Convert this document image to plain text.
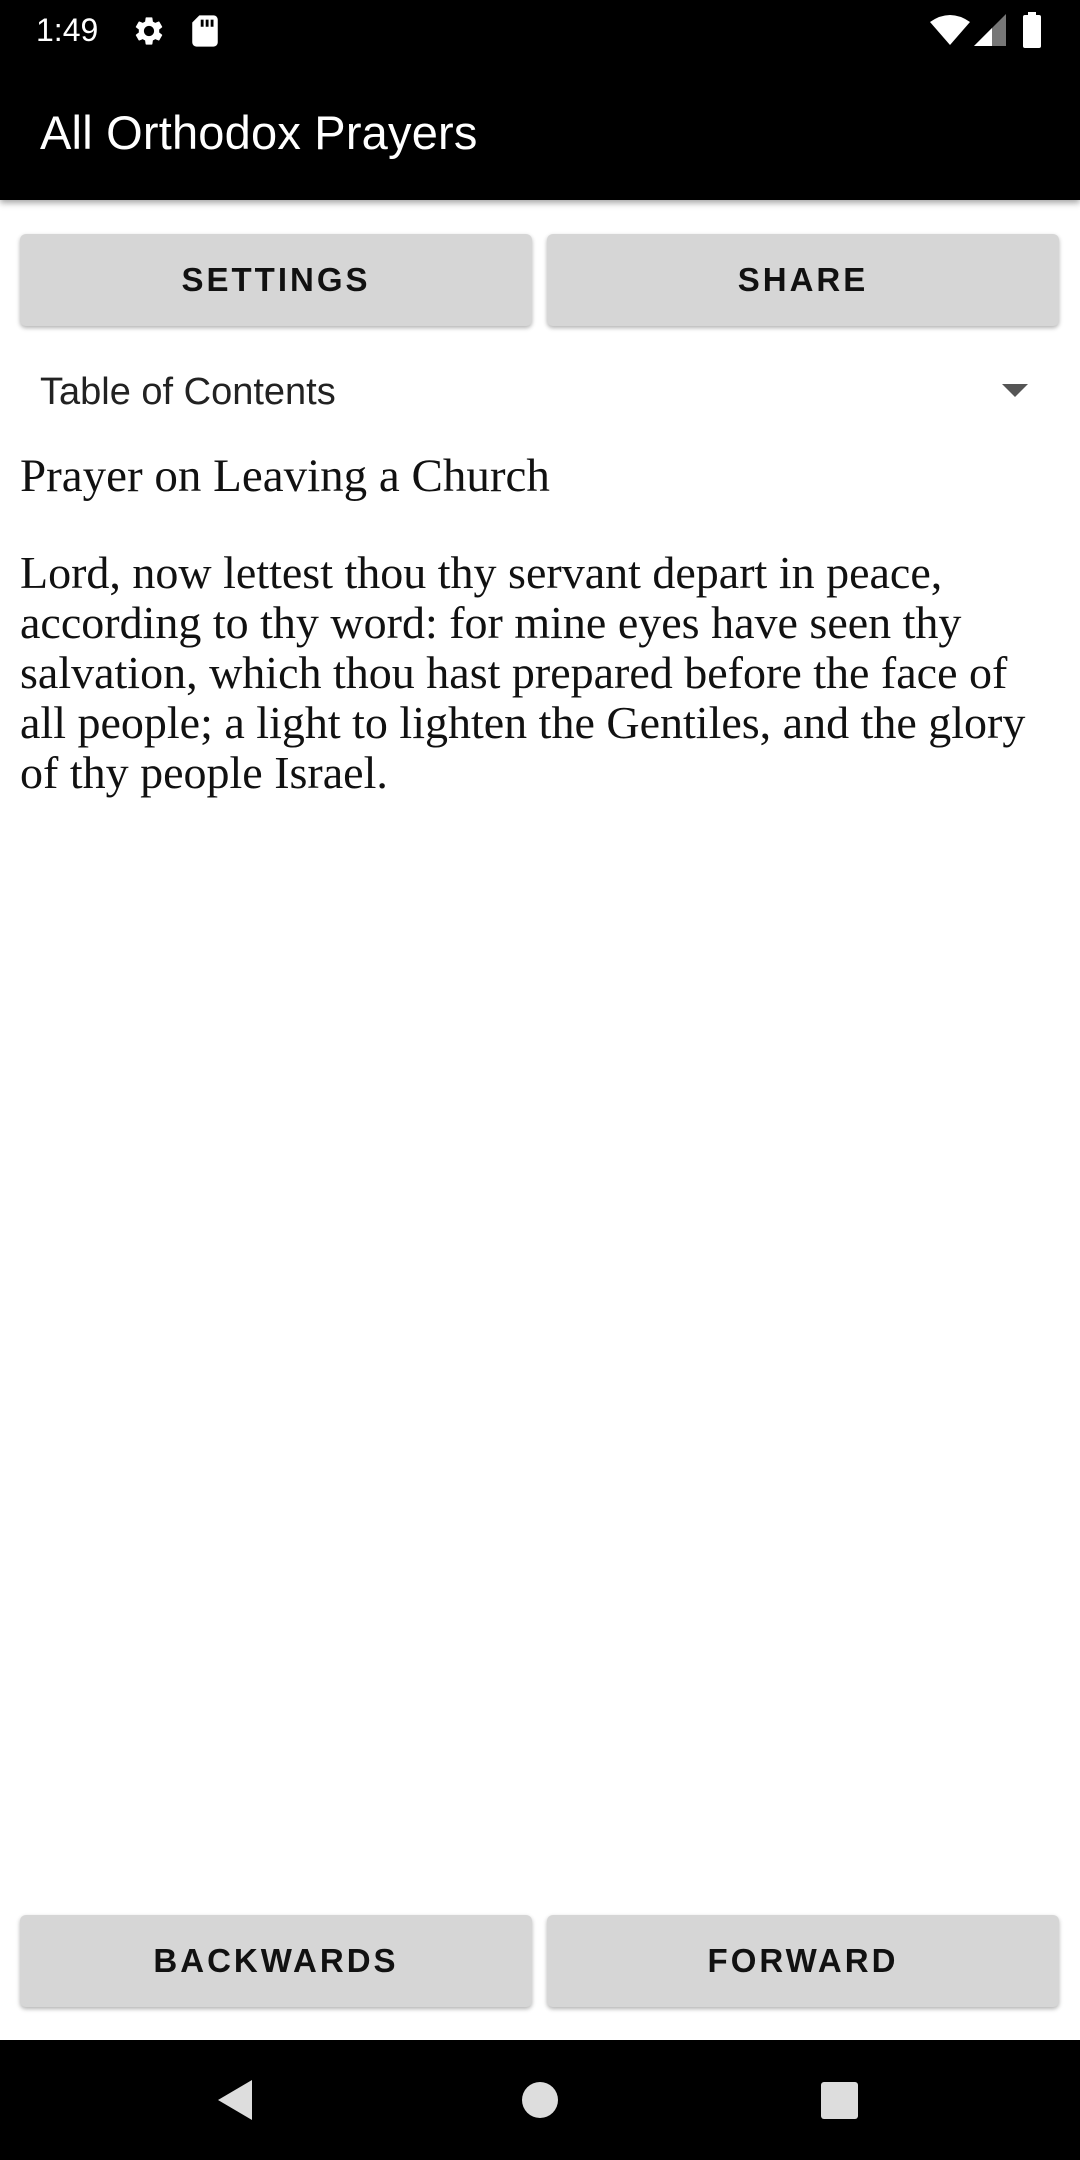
1:49
All Orthodox Prayers
SETTINGS	SHARE
Table of Contents
Prayer on Leaving a Church
Lord, now lettest thou thy servant depart in peace, according to thy word: for mine eyes have seen thy salvation, which thou hast prepared before the face of all people; a light to lighten the Gentiles, and the glory of thy people Israel.
BACKWARDS	FORWARD
